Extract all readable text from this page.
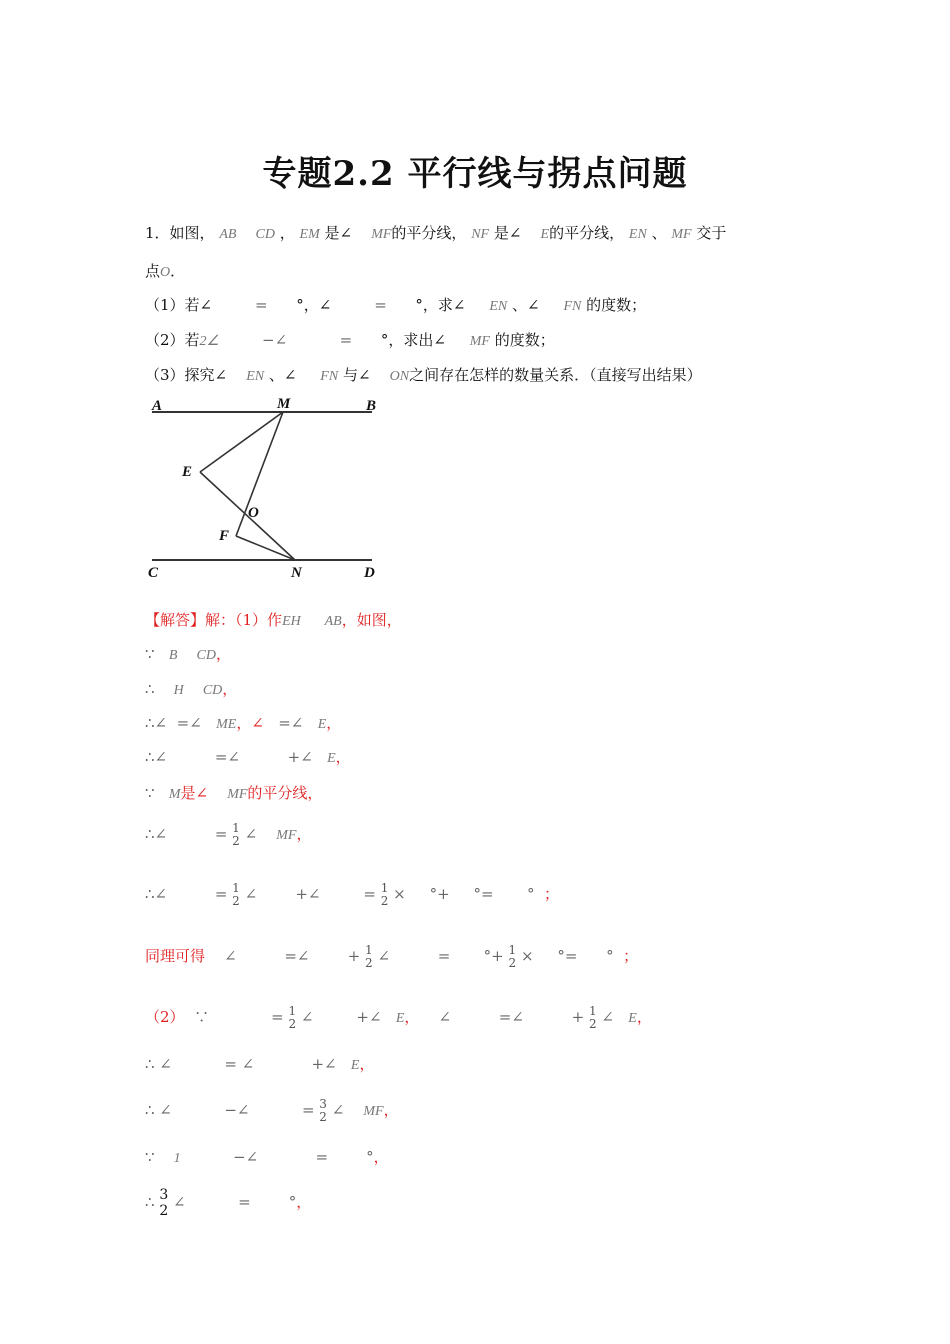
专题2.2 平行线与拐点问题
1．如图， AB CD ， EM 是∠ MF的平分线， NF 是∠ E的平分线， EN 、 MF 交于
点O．
（1）若∠	= °，∠	= °，求∠ EN 、∠ FN 的度数；
（2）若2∠	−∠	= °，求出∠ MF 的度数；
（3）探究∠ EN 、∠ FN 与∠ ON之间存在怎样的数量关系．（直接写出结果）
A	M	B
E
O
F
C	N	D
【解答】解：（1）作EH AB，如图，
∵ B CD，
∴ H CD，
∴∠ =∠ ME，∠ =∠ E，
∴∠	=∠	+∠ E，
∵ M是∠ MF的平分线，
∴∠	= 1
2 ∠ MF，
∴∠	= 1
2 ∠	+∠	= 1
2 × °+ °= ° ；
同理可得 ∠	=∠	+ 1
2 ∠	= °+ 1
2 × °= ° ；
（2） ∵	= 1
2 ∠	+∠ E， ∠	=∠	+ 1
2 ∠ E，
∴ ∠	= ∠	+∠ E，
∴ ∠	−∠	= 3
2 ∠ MF，
∵ 1	−∠	=	°，
∴ 3
2 ∠	=	°，
